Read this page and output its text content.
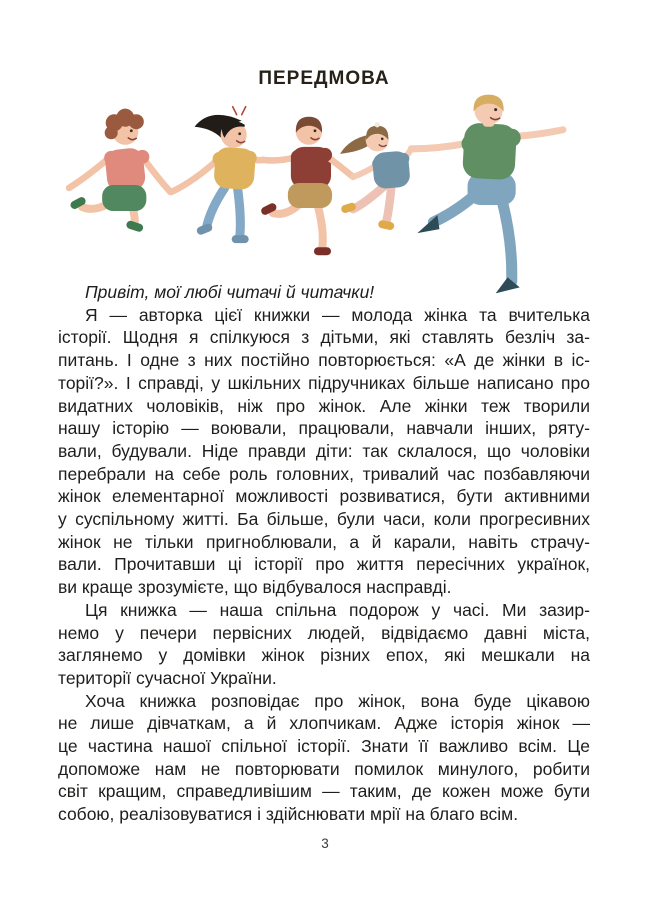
ПЕРЕДМОВА
Привіт, мої любі читачі й читачки!
Я — авторка цієї книжки — молода жінка та вчителька
історії. Щодня я спілкуюся з дітьми, які ставлять безліч за-
питань. І одне з них постійно повторюється: «А де жінки в іс-
торії?». І справді, у шкільних підручниках більше написано про
видатних чоловіків, ніж про жінок. Але жінки теж творили
нашу історію — воювали, працювали, навчали інших, ряту-
вали, будували. Ніде правди діти: так склалося, що чоловіки
перебрали на себе роль головних, тривалий час позбавляючи
жінок елементарної можливості розвиватися, бути активними
у суспільному житті. Ба більше, були часи, коли прогресивних
жінок не тільки пригноблювали, а й карали, навіть страчу-
вали. Прочитавши ці історії про життя пересічних українок,
ви краще зрозумієте, що відбувалося насправді.
Ця книжка — наша спільна подорож у часі. Ми зазир-
немо у печери первісних людей, відвідаємо давні міста,
заглянемо у домівки жінок різних епох, які мешкали на
території сучасної України.
Хоча книжка розповідає про жінок, вона буде цікавою
не лише дівчаткам, а й хлопчикам. Адже історія жінок —
це частина нашої спільної історії. Знати її важливо всім. Це
допоможе нам не повторювати помилок минулого, робити
світ кращим, справедливішим — таким, де кожен може бути
собою, реалізовуватися і здійснювати мрії на благо всім.
3
